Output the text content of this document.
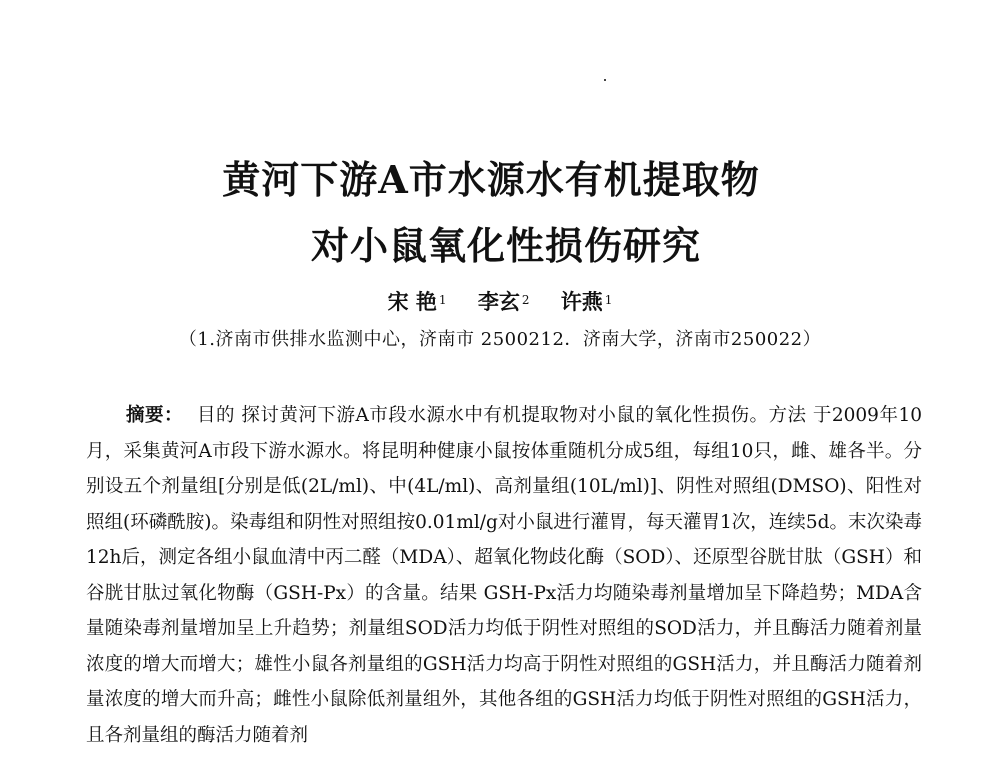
黄河下游A市水源水有机提取物
对小鼠氧化性损伤研究
宋 艳 $^1$ 李玄 $^2$ 许燕 $^1$
（1.济南市供排水监测中心，济南市 2500212．济南大学，济南市250022）

摘要： 目的 探讨黄河下游A市段水源水中有机提取物对小鼠的氧化性损伤。方法 于2009年10月，采集黄河A市段下游水源水。将昆明种健康小鼠按体重随机分成5组，每组10只，雌、雄各半。分别设五个剂量组[分别是低(2L/ml)、中(4L/ml)、高剂量组(10L/ml)]、阴性对照组(DMSO)、阳性对照组(环磷酰胺)。染毒组和阴性对照组按0.01ml/g对小鼠进行灌胃，每天灌胃1次，连续5d。末次染毒12h后，测定各组小鼠血清中丙二醛（MDA）、超氧化物歧化酶（SOD）、还原型谷胱甘肽（GSH）和谷胱甘肽过氧化物酶（GSH-Px）的含量。结果 GSH-Px活力均随染毒剂量增加呈下降趋势；MDA含量随染毒剂量增加呈上升趋势；剂量组SOD活力均低于阴性对照组的SOD活力，并且酶活力随着剂量浓度的增大而增大；雄性小鼠各剂量组的GSH活力均高于阴性对照组的GSH活力，并且酶活力随着剂量浓度的增大而升高；雌性小鼠除低剂量组外，其他各组的GSH活力均低于阴性对照组的GSH活力，且各剂量组的酶活力随着剂
